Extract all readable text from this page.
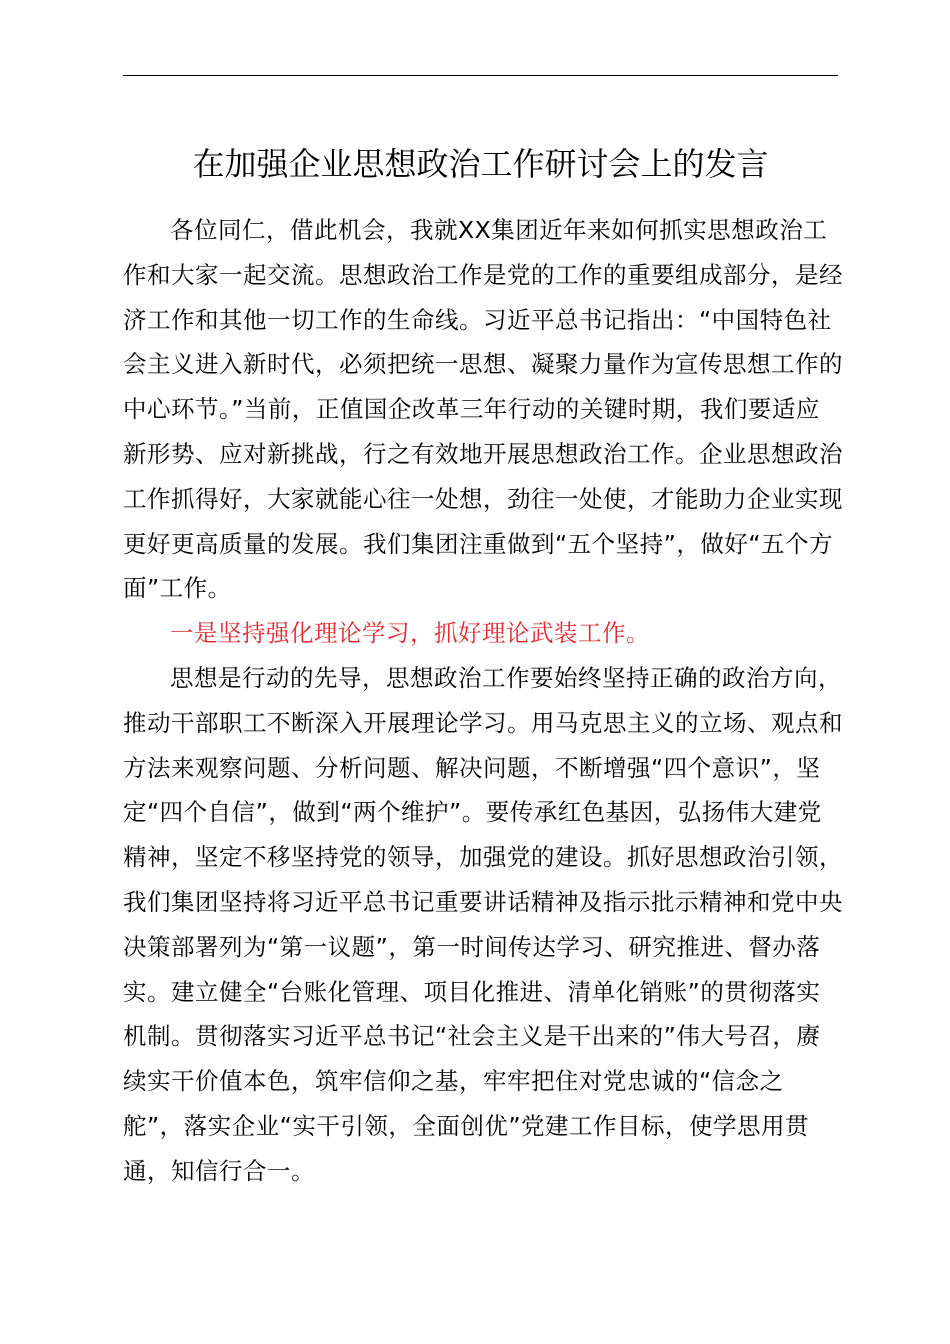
在加强企业思想政治工作研讨会上的发言

各位同仁，借此机会，我就XX集团近年来如何抓实思想政治工作和大家一起交流。思想政治工作是党的工作的重要组成部分，是经济工作和其他一切工作的生命线。习近平总书记指出：“中国特色社会主义进入新时代，必须把统一思想、凝聚力量作为宣传思想工作的中心环节。”当前，正值国企改革三年行动的关键时期，我们要适应新形势、应对新挑战，行之有效地开展思想政治工作。企业思想政治工作抓得好，大家就能心往一处想，劲往一处使，才能助力企业实现更好更高质量的发展。我们集团注重做到“五个坚持”，做好“五个方面”工作。

一是坚持强化理论学习，抓好理论武装工作。

思想是行动的先导，思想政治工作要始终坚持正确的政治方向，推动干部职工不断深入开展理论学习。用马克思主义的立场、观点和方法来观察问题、分析问题、解决问题，不断增强“四个意识”，坚定“四个自信”，做到“两个维护”。要传承红色基因，弘扬伟大建党精神，坚定不移坚持党的领导，加强党的建设。抓好思想政治引领，我们集团坚持将习近平总书记重要讲话精神及指示批示精神和党中央决策部署列为“第一议题”，第一时间传达学习、研究推进、督办落实。建立健全“台账化管理、项目化推进、清单化销账”的贯彻落实机制。贯彻落实习近平总书记“社会主义是干出来的”伟大号召，赓续实干价值本色，筑牢信仰之基，牢牢把住对党忠诚的“信念之舵”，落实企业“实干引领，全面创优”党建工作目标，使学思用贯通，知信行合一。
